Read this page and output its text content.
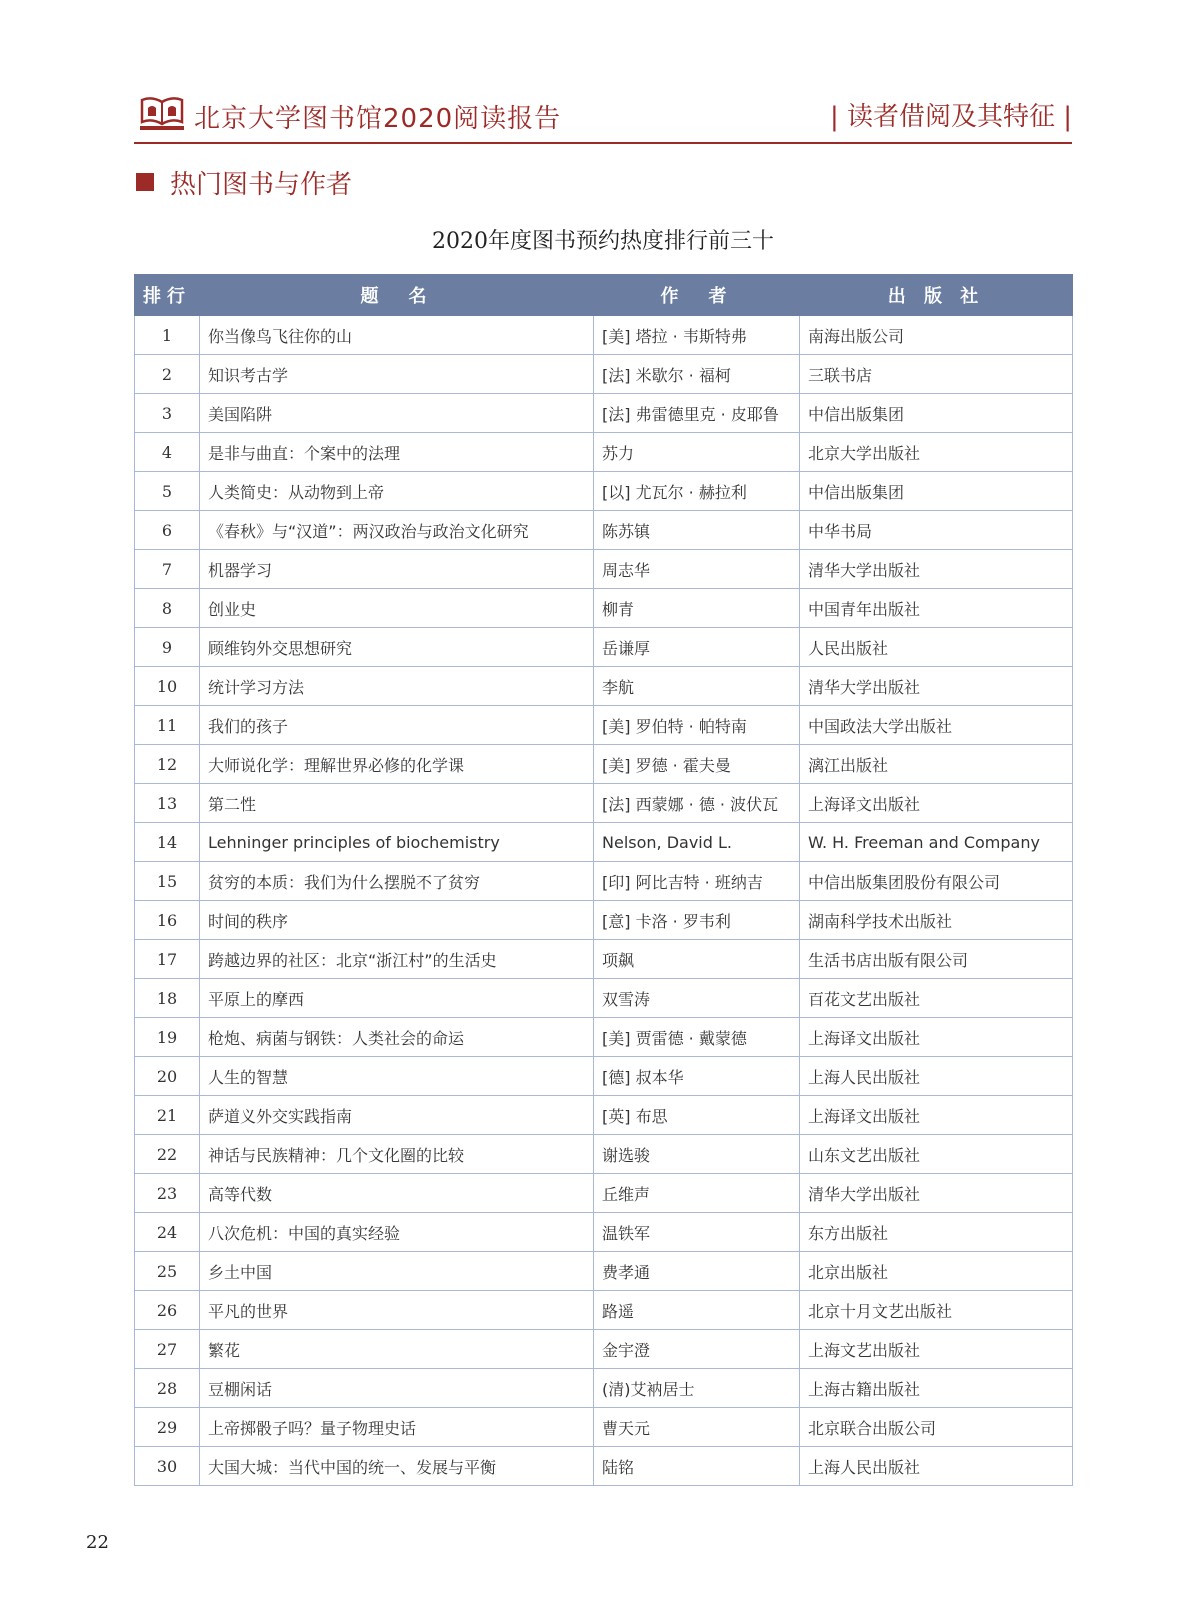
北京大学图书馆2020阅读报告	| 读者借阅及其特征 |
热门图书与作者
2020年度图书预约热度排行前三十
排行	题　名	作　者	出 版 社
1	你当像鸟飞往你的山	[美] 塔拉 · 韦斯特弗	南海出版公司
2	知识考古学	[法] 米歇尔 · 福柯	三联书店
3	美国陷阱	[法] 弗雷德里克 · 皮耶鲁	中信出版集团
4	是非与曲直：个案中的法理	苏力	北京大学出版社
5	人类简史：从动物到上帝	[以] 尤瓦尔 · 赫拉利	中信出版集团
6	《春秋》与“汉道”：两汉政治与政治文化研究	陈苏镇	中华书局
7	机器学习	周志华	清华大学出版社
8	创业史	柳青	中国青年出版社
9	顾维钧外交思想研究	岳谦厚	人民出版社
10	统计学习方法	李航	清华大学出版社
11	我们的孩子	[美] 罗伯特 · 帕特南	中国政法大学出版社
12	大师说化学：理解世界必修的化学课	[美] 罗德 · 霍夫曼	漓江出版社
13	第二性	[法] 西蒙娜 · 德 · 波伏瓦	上海译文出版社
14	Lehninger principles of biochemistry	Nelson, David L.	W. H. Freeman and Company
15	贫穷的本质：我们为什么摆脱不了贫穷	[印] 阿比吉特 · 班纳吉	中信出版集团股份有限公司
16	时间的秩序	[意] 卡洛 · 罗韦利	湖南科学技术出版社
17	跨越边界的社区：北京“浙江村”的生活史	项飙	生活书店出版有限公司
18	平原上的摩西	双雪涛	百花文艺出版社
19	枪炮、病菌与钢铁：人类社会的命运	[美] 贾雷德 · 戴蒙德	上海译文出版社
20	人生的智慧	[德] 叔本华	上海人民出版社
21	萨道义外交实践指南	[英] 布思	上海译文出版社
22	神话与民族精神：几个文化圈的比较	谢选骏	山东文艺出版社
23	高等代数	丘维声	清华大学出版社
24	八次危机：中国的真实经验	温铁军	东方出版社
25	乡土中国	费孝通	北京出版社
26	平凡的世界	路遥	北京十月文艺出版社
27	繁花	金宇澄	上海文艺出版社
28	豆棚闲话	(清)艾衲居士	上海古籍出版社
29	上帝掷骰子吗？量子物理史话	曹天元	北京联合出版公司
30	大国大城：当代中国的统一、发展与平衡	陆铭	上海人民出版社
22
